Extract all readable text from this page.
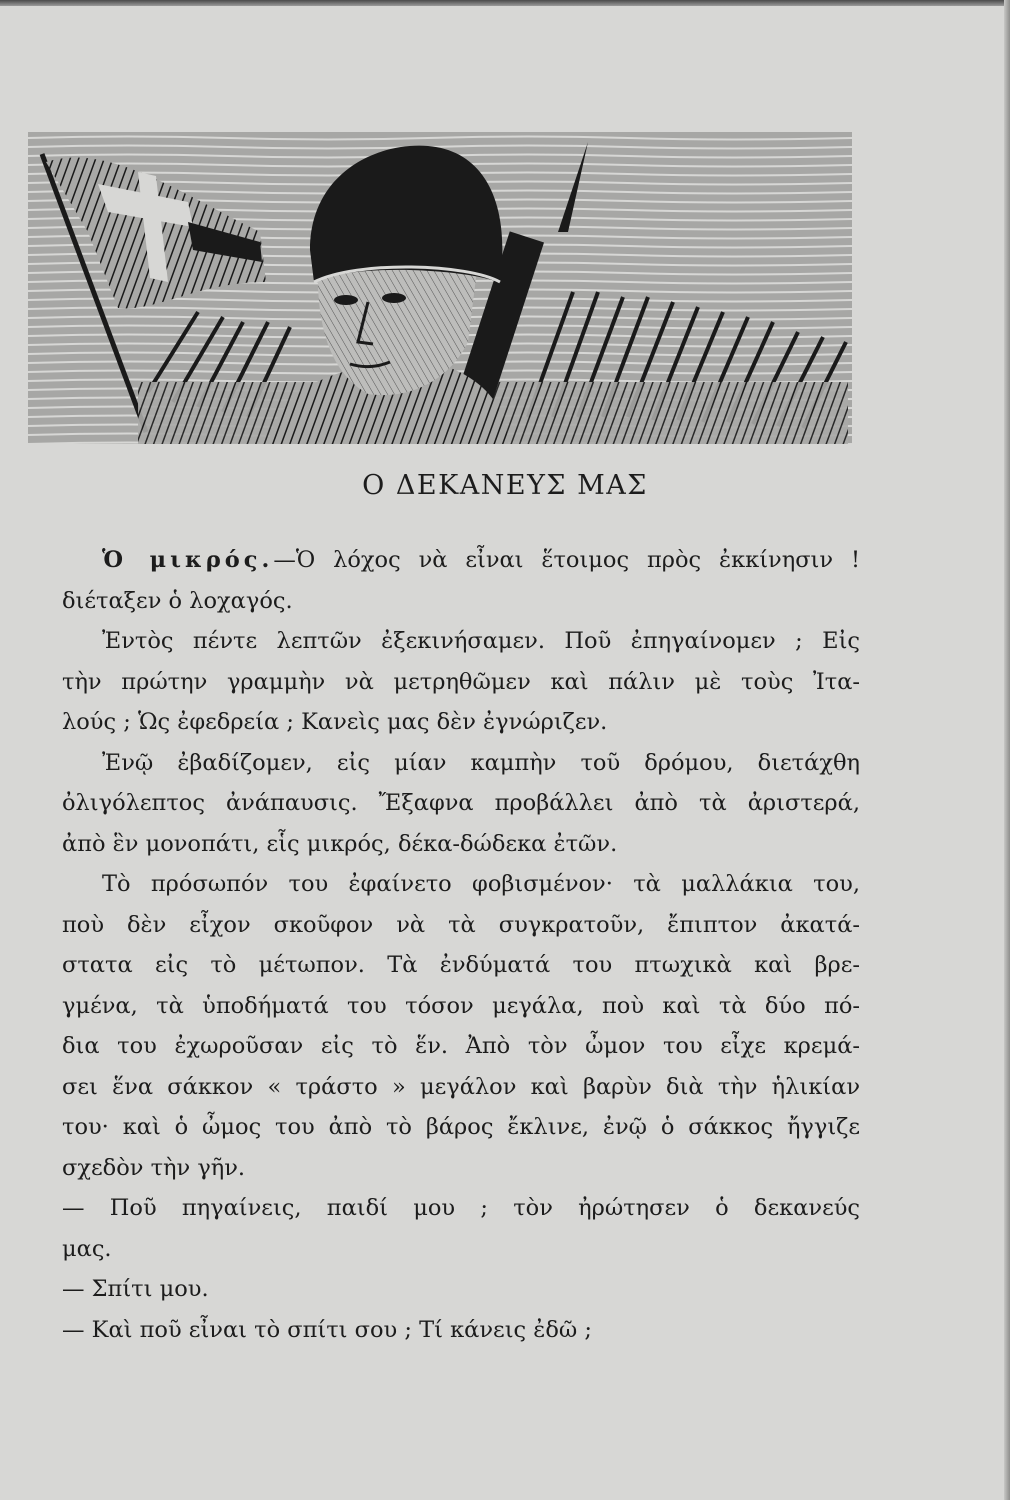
Ο ΔΕΚΑΝΕΥΣ ΜΑΣ
Ὁ μικρός.—Ὁ λόχος νὰ εἶναι ἕτοιμος πρὸς ἐκκίνησιν !
διέταξεν ὁ λοχαγός.
Ἐντὸς πέντε λεπτῶν ἐξεκινήσαμεν. Ποῦ ἐπηγαίνομεν ; Εἰς
τὴν πρώτην γραμμὴν νὰ μετρηθῶμεν καὶ πάλιν μὲ τοὺς Ἰτα-
λούς ; Ὡς ἐφεδρεία ; Κανεὶς μας δὲν ἐγνώριζεν.
Ἐνῷ ἐβαδίζομεν, εἰς μίαν καμπὴν τοῦ δρόμου, διετάχθη
ὀλιγόλεπτος ἀνάπαυσις. Ἔξαφνα προβάλλει ἀπὸ τὰ ἀριστερά,
ἀπὸ ἓν μονοπάτι, εἷς μικρός, δέκα-δώδεκα ἐτῶν.
Τὸ πρόσωπόν του ἐφαίνετο φοβισμένον· τὰ μαλλάκια του,
ποὺ δὲν εἶχον σκοῦφον νὰ τὰ συγκρατοῦν, ἔπιπτον ἀκατά-
στατα εἰς τὸ μέτωπον. Τὰ ἐνδύματά του πτωχικὰ καὶ βρε-
γμένα, τὰ ὑποδήματά του τόσον μεγάλα, ποὺ καὶ τὰ δύο πό-
δια του ἐχωροῦσαν εἰς τὸ ἕν. Ἀπὸ τὸν ὦμον του εἶχε κρεμά-
σει ἕνα σάκκον « τράστο » μεγάλον καὶ βαρὺν διὰ τὴν ἡλικίαν
του· καὶ ὁ ὦμος του ἀπὸ τὸ βάρος ἔκλινε, ἐνῷ ὁ σάκκος ἤγγιζε
σχεδὸν τὴν γῆν.
— Ποῦ πηγαίνεις, παιδί μου ; τὸν ἠρώτησεν ὁ δεκανεύς
μας.
— Σπίτι μου.
— Καὶ ποῦ εἶναι τὸ σπίτι σου ; Τί κάνεις ἐδῶ ;
